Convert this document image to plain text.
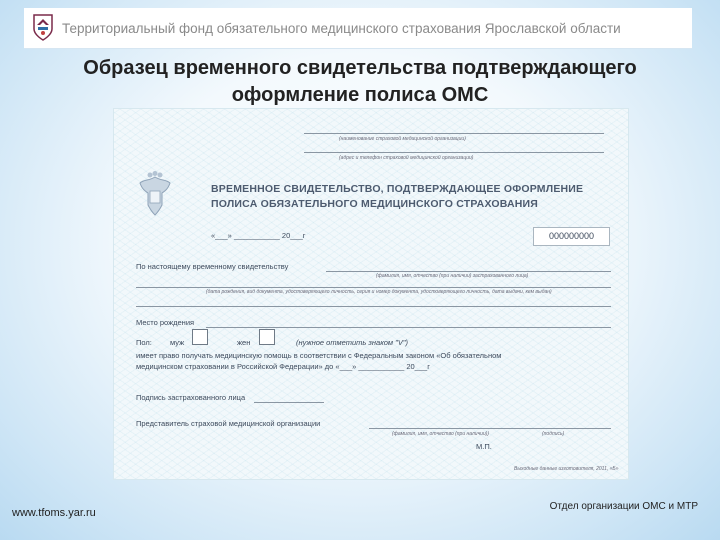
Территориальный фонд обязательного медицинского страхования Ярославской области
Образец временного свидетельства подтверждающего
оформление полиса ОМС
(наименование страховой медицинской организации)
(адрес и телефон страховой медицинской организации)
ВРЕМЕННОЕ СВИДЕТЕЛЬСТВО, ПОДТВЕРЖДАЮЩЕЕ ОФОРМЛЕНИЕ
ПОЛИСА ОБЯЗАТЕЛЬНОГО МЕДИЦИНСКОГО СТРАХОВАНИЯ
«___» ___________ 20___г	000000000
По настоящему временному свидетельству
(фамилия, имя, отчество (при наличии) застрахованного лица)
(дата рождения, вид документа, удостоверяющего личность, серия и номер документа, удостоверяющего личность, дата выдачи, кем выдан)
Место рождения
Пол: муж	жен	(нужное отметить знаком "V")
имеет право получать медицинскую помощь в соответствии с Федеральным законом «Об обязательном
медицинском страховании в Российской Федерации» до «___» ___________ 20___г
Подпись застрахованного лица
Представитель страховой медицинской организации
(фамилия, имя, отчество (при наличии))	(подпись)
М.П.
Выходные данные изготовителя, 2011, «Б»
www.tfoms.yar.ru
Отдел организации ОМС и МТР
